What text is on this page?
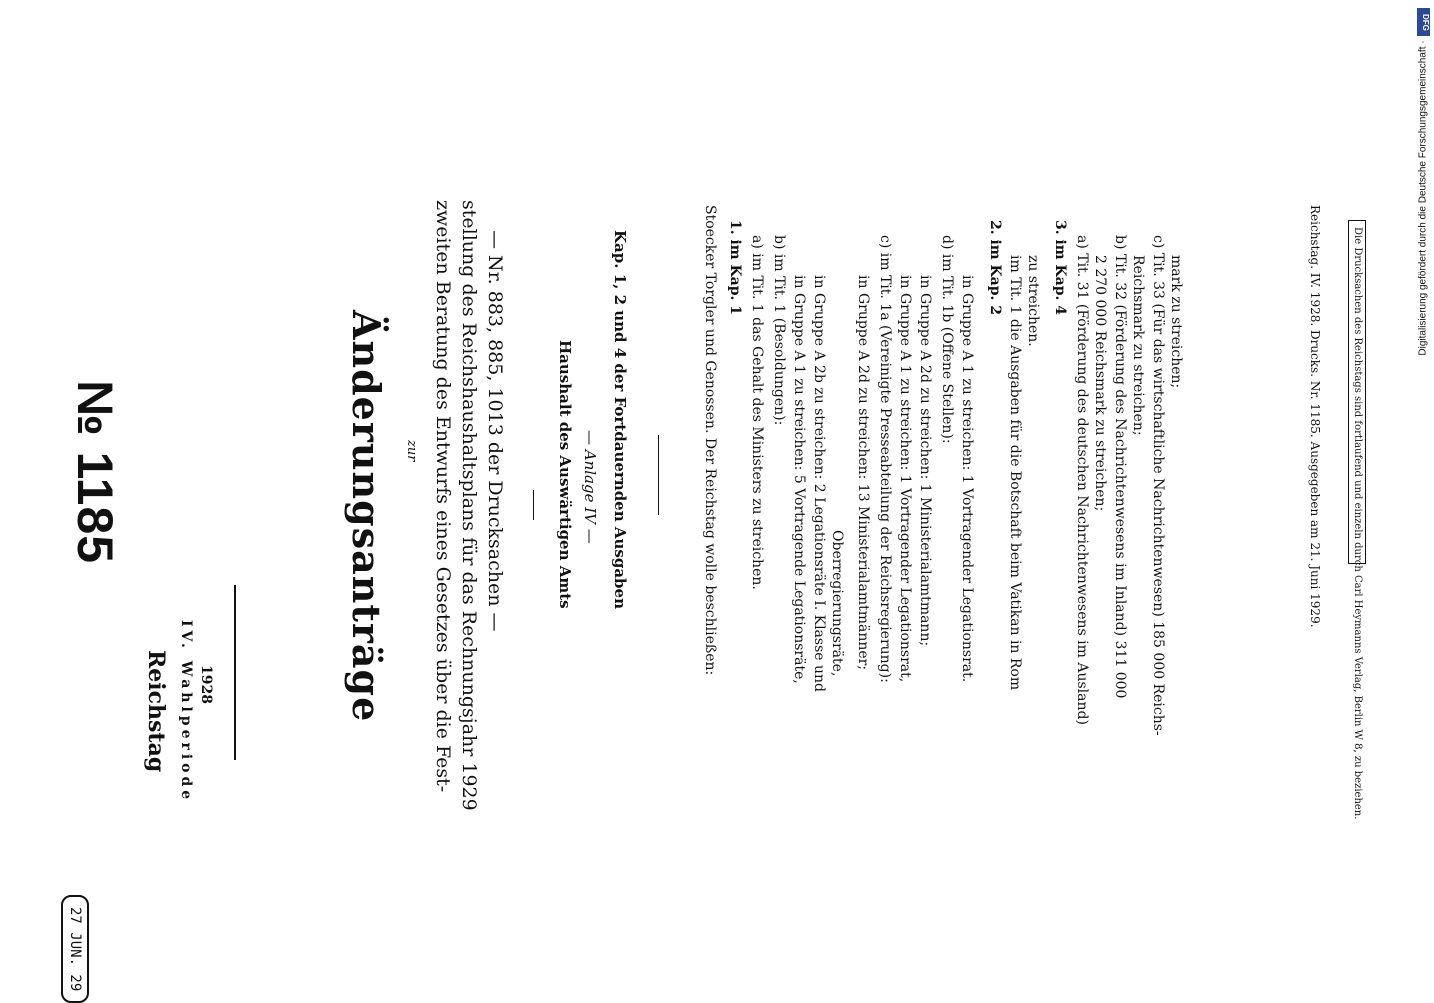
№ 1185
27 JUN. 29
Reichstag IV. Wahlperiode 1928	Änderungsanträge zur zweiten Beratung des Entwurfs eines Gesetzes über die Fest- stellung des Reichshaushaltsplans für das Rechnungsjahr 1929 — Nr. 883, 885, 1013 der Drucksachen —	Haushalt des Auswärtigen Amts — Anlage IV — Kap. 1, 2 und 4 der Fortdauernden Ausgaben	Stoecker Torgler und Genossen. Der Reichstag wolle beschließen: 1. im Kap. 1 a) im Tit. 1 das Gehalt des Ministers zu streichen. b) im Tit. 1 (Besoldungen): in Gruppe A 1 zu streichen: 5 Vortragende Legationsräte, in Gruppe A 2b zu streichen: 2 Legationsräte I. Klasse und Oberregierungsräte, in Gruppe A 2d zu streichen: 13 Ministerialamtmänner; c) im Tit. 1a (Vereinigte Presseabteilung der Reichsregierung): in Gruppe A 1 zu streichen: 1 Vortragender Legationsrat, in Gruppe A 2d zu streichen: 1 Ministerialamtmann; d) im Tit. 1b (Offene Stellen): in Gruppe A 1 zu streichen: 1 Vortragender Legationsrat.
2. im Kap. 2 im Tit. 1 die Ausgaben für die Botschaft beim Vatikan in Rom zu streichen. 3. im Kap. 4 a) Tit. 31 (Förderung des deutschen Nachrichtenwesens im Ausland) 2 270 000 Reichsmark zu streichen; b) Tit. 32 (Förderung des Nachrichtenwesens im Inland) 311 000 Reichsmark zu streichen; c) Tit. 33 (Für das wirtschaftliche Nachrichtenwesen) 185 000 Reichs- mark zu streichen;	Reichstag. IV. 1928. Drucks. Nr. 1185. Ausgegeben am 21. Juni 1929.	Die Drucksachen des Reichstags sind fortlaufend und einzeln durch Carl Heymanns Verlag, Berlin W 8, zu beziehen.
Digitalisierung gefördert durch die Deutsche Forschungsgemeinschaft ·
DFG
